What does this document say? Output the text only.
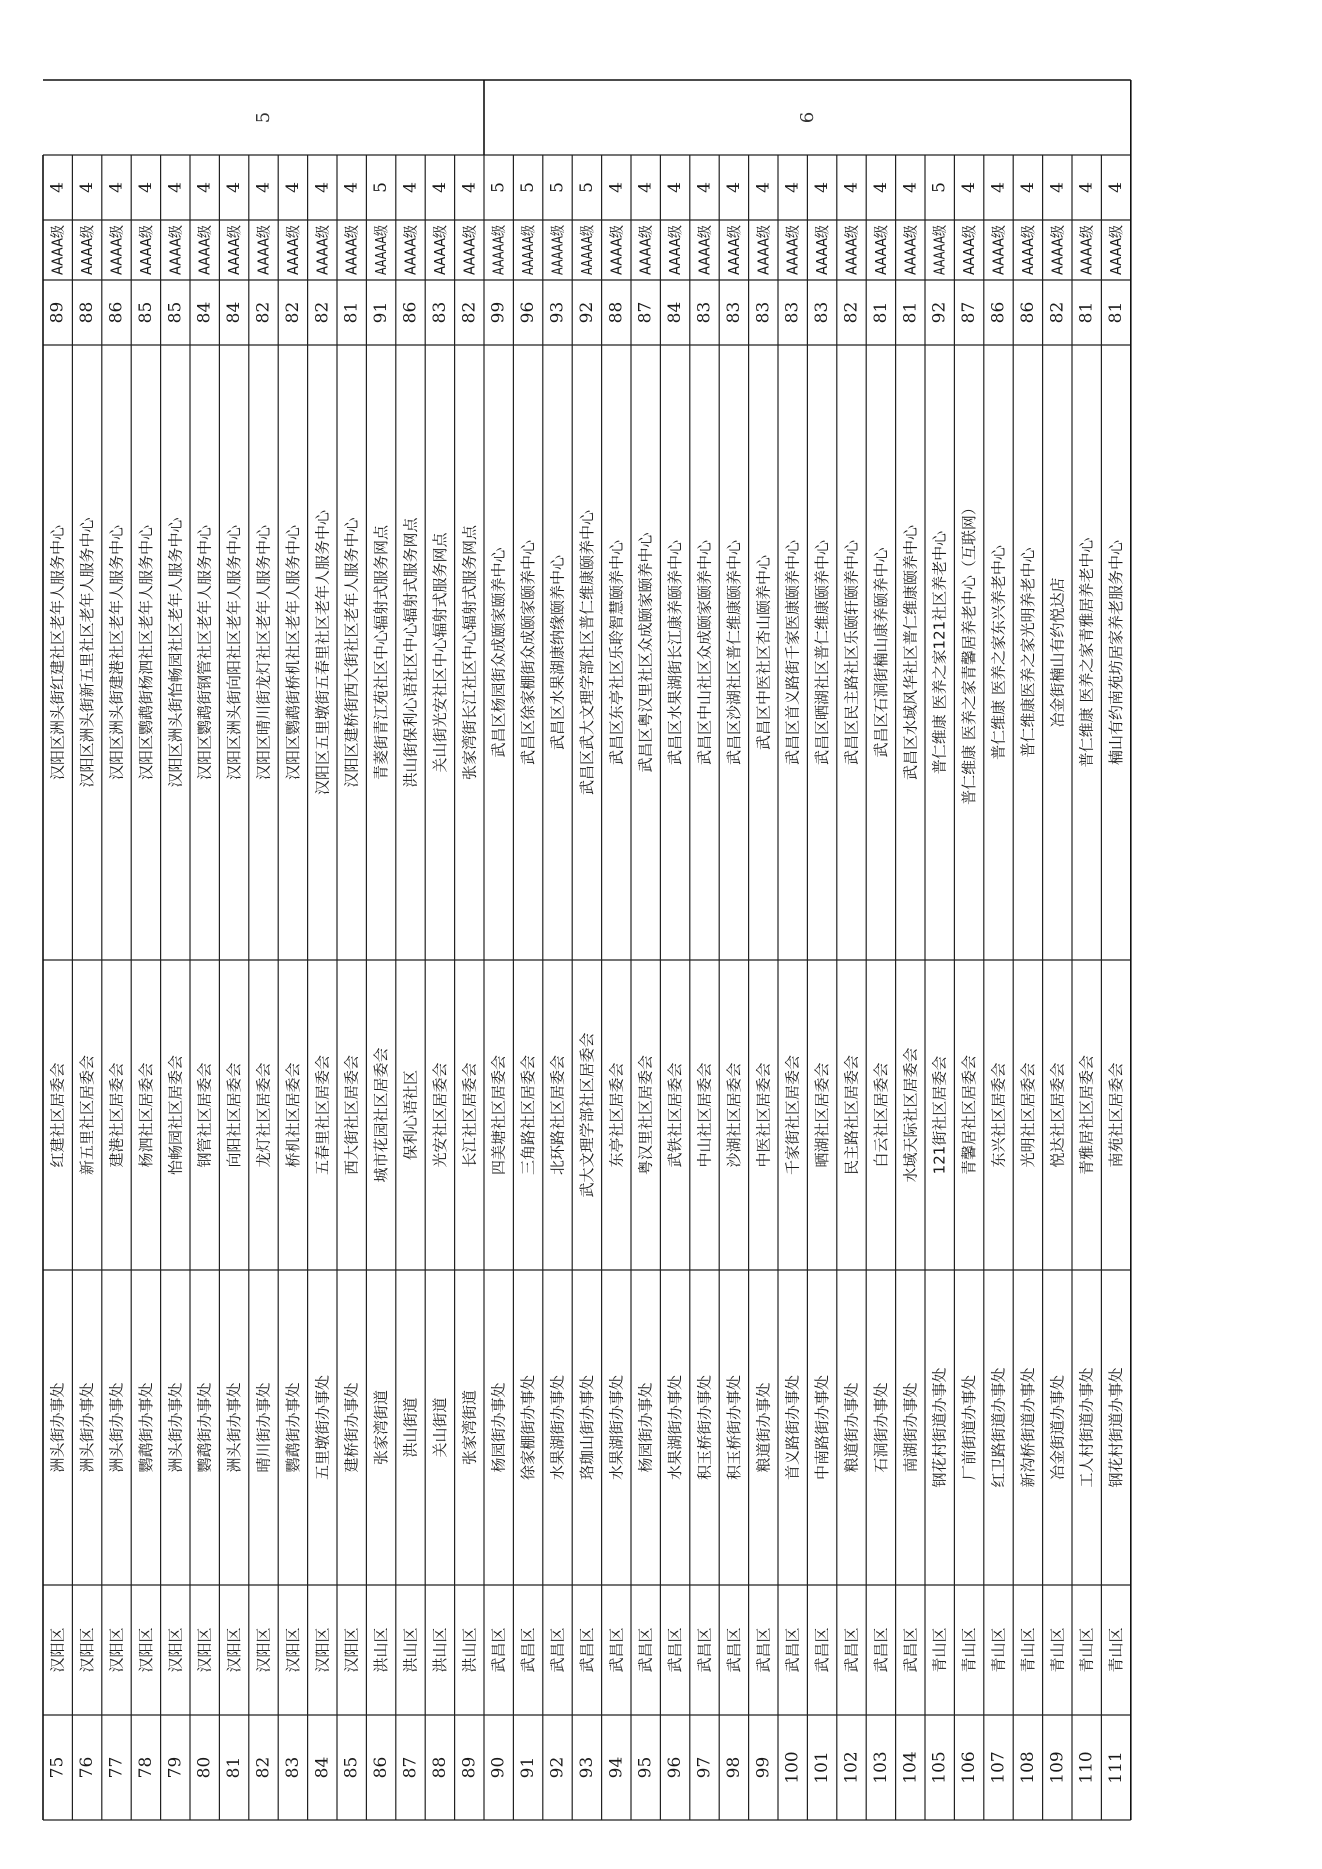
75
汉阳区
洲头街办事处
红建社区居委会
汉阳区洲头街红建社区老年人服务中心
89
AAAA级
4
76
汉阳区
洲头街办事处
新五里社区居委会
汉阳区洲头街新五里社区老年人服务中心
88
AAAA级
4
77
汉阳区
洲头街办事处
建港社区居委会
汉阳区洲头街建港社区老年人服务中心
86
AAAA级
4
78
汉阳区
鹦鹉街办事处
杨泗社区居委会
汉阳区鹦鹉街杨泗社区老年人服务中心
85
AAAA级
4
79
汉阳区
洲头街办事处
怡畅园社区居委会
汉阳区洲头街怡畅园社区老年人服务中心
85
AAAA级
4
80
汉阳区
鹦鹉街办事处
钢管社区居委会
汉阳区鹦鹉街钢管社区老年人服务中心
84
AAAA级
4
81
汉阳区
洲头街办事处
向阳社区居委会
汉阳区洲头街向阳社区老年人服务中心
84
AAAA级
4
82
汉阳区
晴川街办事处
龙灯社区居委会
汉阳区晴川街龙灯社区老年人服务中心
82
AAAA级
4
83
汉阳区
鹦鹉街办事处
桥机社区居委会
汉阳区鹦鹉街桥机社区老年人服务中心
82
AAAA级
4
84
汉阳区
五里墩街办事处
五春里社区居委会
汉阳区五里墩街五春里社区老年人服务中心
82
AAAA级
4
85
汉阳区
建桥街办事处
西大街社区居委会
汉阳区建桥街西大街社区老年人服务中心
81
AAAA级
4
86
洪山区
张家湾街道
城市花园社区居委会
青菱街青江苑社区中心辐射式服务网点
91
AAAAA级
5
87
洪山区
洪山街道
保利心语社区
洪山街保利心语社区中心辐射式服务网点
86
AAAA级
4
88
洪山区
关山街道
光安社区居委会
关山街光安社区中心辐射式服务网点
83
AAAA级
4
89
洪山区
张家湾街道
长江社区居委会
张家湾街长江社区中心辐射式服务网点
82
AAAA级
4
90
武昌区
杨园街办事处
四美塘社区居委会
武昌区杨园街众成颐家颐养中心
99
AAAAA级
5
91
武昌区
徐家棚街办事处
三角路社区居委会
武昌区徐家棚街众成颐家颐养中心
96
AAAAA级
5
92
武昌区
水果湖街办事处
北环路社区居委会
武昌区水果湖康纳缘颐养中心
93
AAAAA级
5
93
武昌区
珞珈山街办事处
武大文理学部社区居委会
武昌区武大文理学部社区普仁维康颐养中心
92
AAAAA级
5
94
武昌区
水果湖街办事处
东亭社区居委会
武昌区东亭社区乐聆智慧颐养中心
88
AAAA级
4
95
武昌区
杨园街办事处
粤汉里社区居委会
武昌区粤汉里社区众成颐家颐养中心
87
AAAA级
4
96
武昌区
水果湖街办事处
武铁社区居委会
武昌区水果湖街长江康养颐养中心
84
AAAA级
4
97
武昌区
积玉桥街办事处
中山社区居委会
武昌区中山社区众成颐家颐养中心
83
AAAA级
4
98
武昌区
积玉桥街办事处
沙湖社区居委会
武昌区沙湖社区普仁维康颐养中心
83
AAAA级
4
99
武昌区
粮道街办事处
中医社区居委会
武昌区中医社区杏山颐养中心
83
AAAA级
4
100
武昌区
首义路街办事处
千家街社区居委会
武昌区首义路街千家医康颐养中心
83
AAAA级
4
101
武昌区
中南路街办事处
晒湖社区居委会
武昌区晒湖社区普仁维康颐养中心
83
AAAA级
4
102
武昌区
粮道街办事处
民主路社区居委会
武昌区民主路社区乐颐轩颐养中心
82
AAAA级
4
103
武昌区
石洞街办事处
白云社区居委会
武昌区石洞街楠山康养颐养中心
81
AAAA级
4
104
武昌区
南湖街办事处
水域天际社区居委会
武昌区水域风华社区普仁维康颐养中心
81
AAAA级
4
105
青山区
钢花村街道办事处
121街社区居委会
普仁维康 医养之家121社区养老中心
92
AAAAA级
5
106
青山区
厂前街道办事处
青馨居社区居委会
普仁维康 医养之家青馨居养老中心（互联网）
87
AAAA级
4
107
青山区
红卫路街道办事处
东兴社区居委会
普仁维康 医养之家东兴养老中心
86
AAAA级
4
108
青山区
新沟桥街道办事处
光明社区居委会
普仁维康医养之家光明养老中心
86
AAAA级
4
109
青山区
冶金街道办事处
悦达社区居委会
冶金街楠山有约悦达店
82
AAAA级
4
110
青山区
工人村街道办事处
青雅居社区居委会
普仁维康 医养之家青雅居养老中心
81
AAAA级
4
111
青山区
钢花村街道办事处
南苑社区居委会
楠山有约南苑坊居家养老服务中心
81
AAAA级
4
5	6
